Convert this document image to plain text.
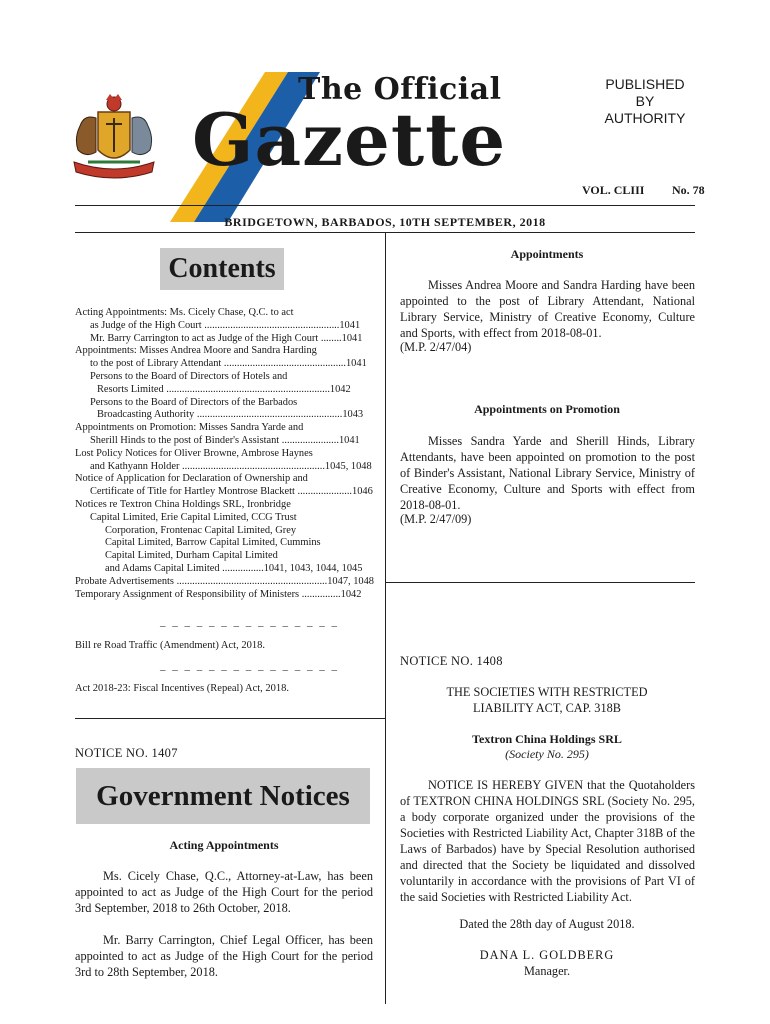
The Official
Gazette
PUBLISHED
BY
AUTHORITY
VOL. CLIII No. 78
BRIDGETOWN, BARBADOS, 10TH SEPTEMBER, 2018
Contents
Acting Appointments: Ms. Cicely Chase, Q.C. to act
as Judge of the High Court ....................................................1041
Mr. Barry Carrington to act as Judge of the High Court ........1041
Appointments: Misses Andrea Moore and Sandra Harding
to the post of Library Attendant ...............................................1041
Persons to the Board of Directors of Hotels and
Resorts Limited ...............................................................1042
Persons to the Board of Directors of the Barbados
Broadcasting Authority ........................................................1043
Appointments on Promotion: Misses Sandra Yarde and
Sherill Hinds to the post of Binder's Assistant ......................1041
Lost Policy Notices for Oliver Browne, Ambrose Haynes
and Kathyann Holder .......................................................1045, 1048
Notice of Application for Declaration of Ownership and
Certificate of Title for Hartley Montrose Blackett .....................1046
Notices re Textron China Holdings SRL, Ironbridge
Capital Limited, Erie Capital Limited, CCG Trust
Corporation, Frontenac Capital Limited, Grey
Capital Limited, Barrow Capital Limited, Cummins
Capital Limited, Durham Capital Limited
and Adams Capital Limited ................1041, 1043, 1044, 1045
Probate Advertisements ..........................................................1047, 1048
Temporary Assignment of Responsibility of Ministers ...............1042
_ _ _ _ _ _ _ _ _ _ _ _ _ _ _
Bill re Road Traffic (Amendment) Act, 2018.
_ _ _ _ _ _ _ _ _ _ _ _ _ _ _
Act 2018-23: Fiscal Incentives (Repeal) Act, 2018.
NOTICE NO. 1407
Government Notices
Acting Appointments
Ms. Cicely Chase, Q.C., Attorney-at-Law, has been appointed to act as Judge of the High Court for the period 3rd September, 2018 to 26th October, 2018.
Mr. Barry Carrington, Chief Legal Officer, has been appointed to act as Judge of the High Court for the period 3rd to 28th September, 2018.
Appointments
Misses Andrea Moore and Sandra Harding have been appointed to the post of Library Attendant, National Library Service, Ministry of Creative Economy, Culture and Sports, with effect from 2018-08-01.
(M.P. 2/47/04)
Appointments on Promotion
Misses Sandra Yarde and Sherill Hinds, Library Attendants, have been appointed on promotion to the post of Binder's Assistant, National Library Service, Ministry of Creative Economy, Culture and Sports with effect from 2018-08-01.
(M.P. 2/47/09)
NOTICE NO. 1408
THE SOCIETIES WITH RESTRICTED
LIABILITY ACT, CAP. 318B
Textron China Holdings SRL
(Society No. 295)
NOTICE IS HEREBY GIVEN that the Quotaholders of TEXTRON CHINA HOLDINGS SRL (Society No. 295, a body corporate organized under the provisions of the Societies with Restricted Liability Act, Chapter 318B of the Laws of Barbados) have by Special Resolution authorised and directed that the Society be liquidated and dissolved voluntarily in accordance with the provisions of Part VI of the said Societies with Restricted Liability Act.
Dated the 28th day of August 2018.
DANA L. GOLDBERG
Manager.
